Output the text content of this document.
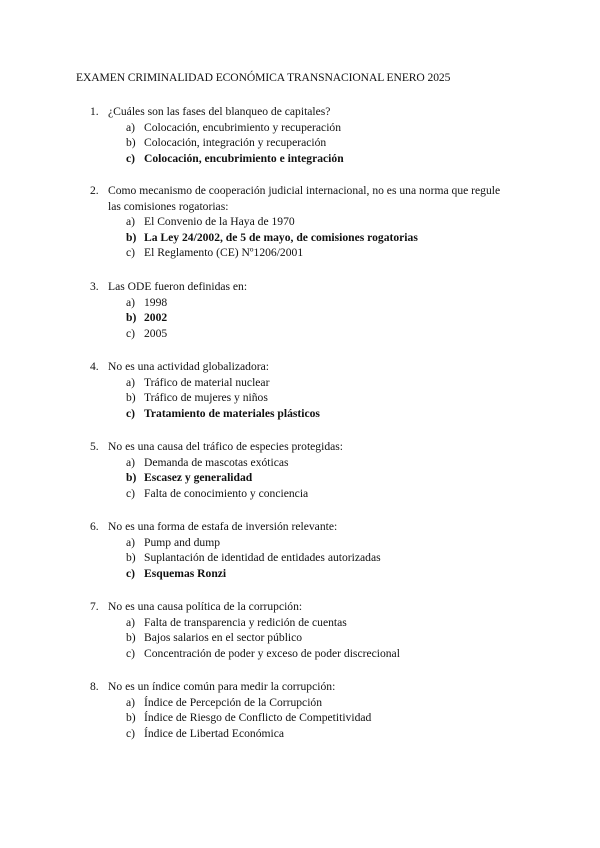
EXAMEN CRIMINALIDAD ECONÓMICA TRANSNACIONAL ENERO 2025
1. ¿Cuáles son las fases del blanqueo de capitales?
a) Colocación, encubrimiento y recuperación
b) Colocación, integración y recuperación
c) Colocación, encubrimiento e integración
2. Como mecanismo de cooperación judicial internacional, no es una norma que regule las comisiones rogatorias:
a) El Convenio de la Haya de 1970
b) La Ley 24/2002, de 5 de mayo, de comisiones rogatorias
c) El Reglamento (CE) Nº1206/2001
3. Las ODE fueron definidas en:
a) 1998
b) 2002
c) 2005
4. No es una actividad globalizadora:
a) Tráfico de material nuclear
b) Tráfico de mujeres y niños
c) Tratamiento de materiales plásticos
5. No es una causa del tráfico de especies protegidas:
a) Demanda de mascotas exóticas
b) Escasez y generalidad
c) Falta de conocimiento y conciencia
6. No es una forma de estafa de inversión relevante:
a) Pump and dump
b) Suplantación de identidad de entidades autorizadas
c) Esquemas Ronzi
7. No es una causa política de la corrupción:
a) Falta de transparencia y redición de cuentas
b) Bajos salarios en el sector público
c) Concentración de poder y exceso de poder discrecional
8. No es un índice común para medir la corrupción:
a) Índice de Percepción de la Corrupción
b) Índice de Riesgo de Conflicto de Competitividad
c) Índice de Libertad Económica
